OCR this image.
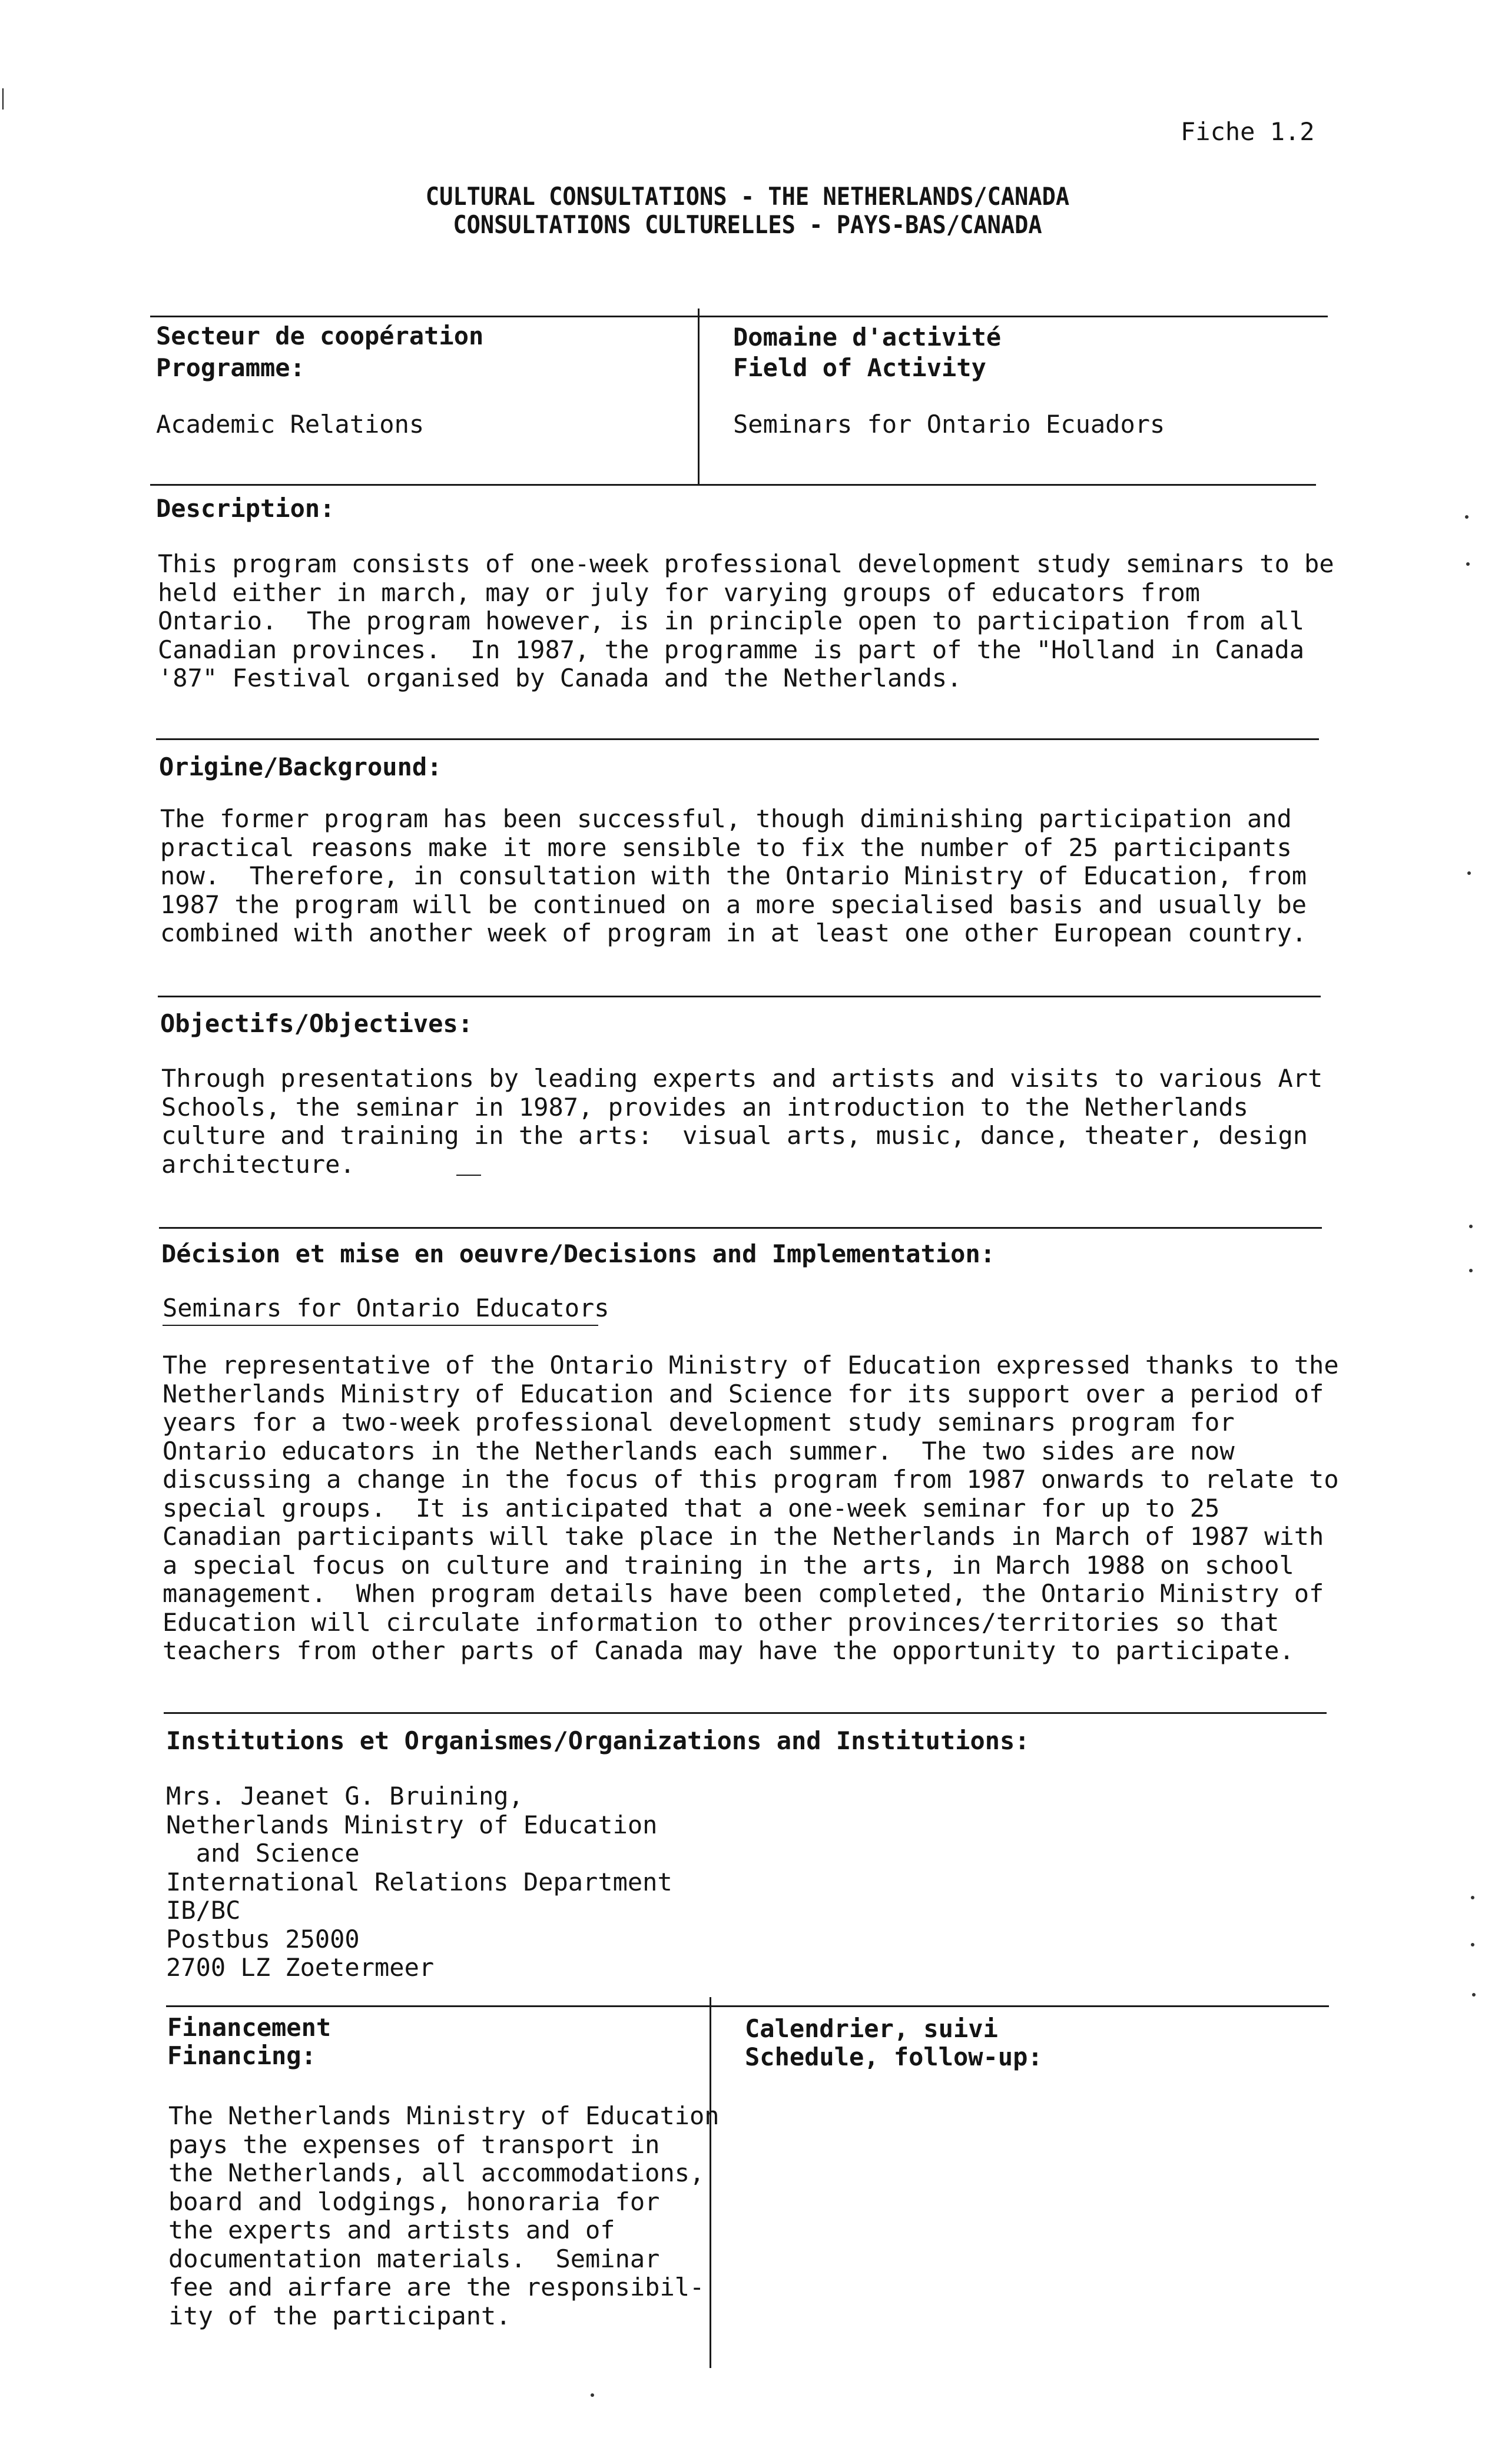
Fiche 1.2
CULTURAL CONSULTATIONS - THE NETHERLANDS/CANADA
CONSULTATIONS CULTURELLES - PAYS-BAS/CANADA
Secteur de coopération
Programme:
Academic Relations
Domaine d'activité
Field of Activity
Seminars for Ontario Ecuadors
Description:
This program consists of one-week professional development study seminars to be
held either in march, may or july for varying groups of educators from
Ontario.  The program however, is in principle open to participation from all
Canadian provinces.  In 1987, the programme is part of the "Holland in Canada
'87" Festival organised by Canada and the Netherlands.
Origine/Background:
The former program has been successful, though diminishing participation and
practical reasons make it more sensible to fix the number of 25 participants
now.  Therefore, in consultation with the Ontario Ministry of Education, from
1987 the program will be continued on a more specialised basis and usually be
combined with another week of program in at least one other European country.
Objectifs/Objectives:
Through presentations by leading experts and artists and visits to various Art
Schools, the seminar in 1987, provides an introduction to the Netherlands
culture and training in the arts:  visual arts, music, dance, theater, design
architecture.
Décision et mise en oeuvre/Decisions and Implementation:
Seminars for Ontario Educators
The representative of the Ontario Ministry of Education expressed thanks to the
Netherlands Ministry of Education and Science for its support over a period of
years for a two-week professional development study seminars program for
Ontario educators in the Netherlands each summer.  The two sides are now
discussing a change in the focus of this program from 1987 onwards to relate to
special groups.  It is anticipated that a one-week seminar for up to 25
Canadian participants will take place in the Netherlands in March of 1987 with
a special focus on culture and training in the arts, in March 1988 on school
management.  When program details have been completed, the Ontario Ministry of
Education will circulate information to other provinces/territories so that
teachers from other parts of Canada may have the opportunity to participate.
Institutions et Organismes/Organizations and Institutions:
Mrs. Jeanet G. Bruining,
Netherlands Ministry of Education
and Science
International Relations Department
IB/BC
Postbus 25000
2700 LZ Zoetermeer
Financement
Financing:
The Netherlands Ministry of Education
pays the expenses of transport in
the Netherlands, all accommodations,
board and lodgings, honoraria for
the experts and artists and of
documentation materials.  Seminar
fee and airfare are the responsibil-
ity of the participant.
Calendrier, suivi
Schedule, follow-up:
